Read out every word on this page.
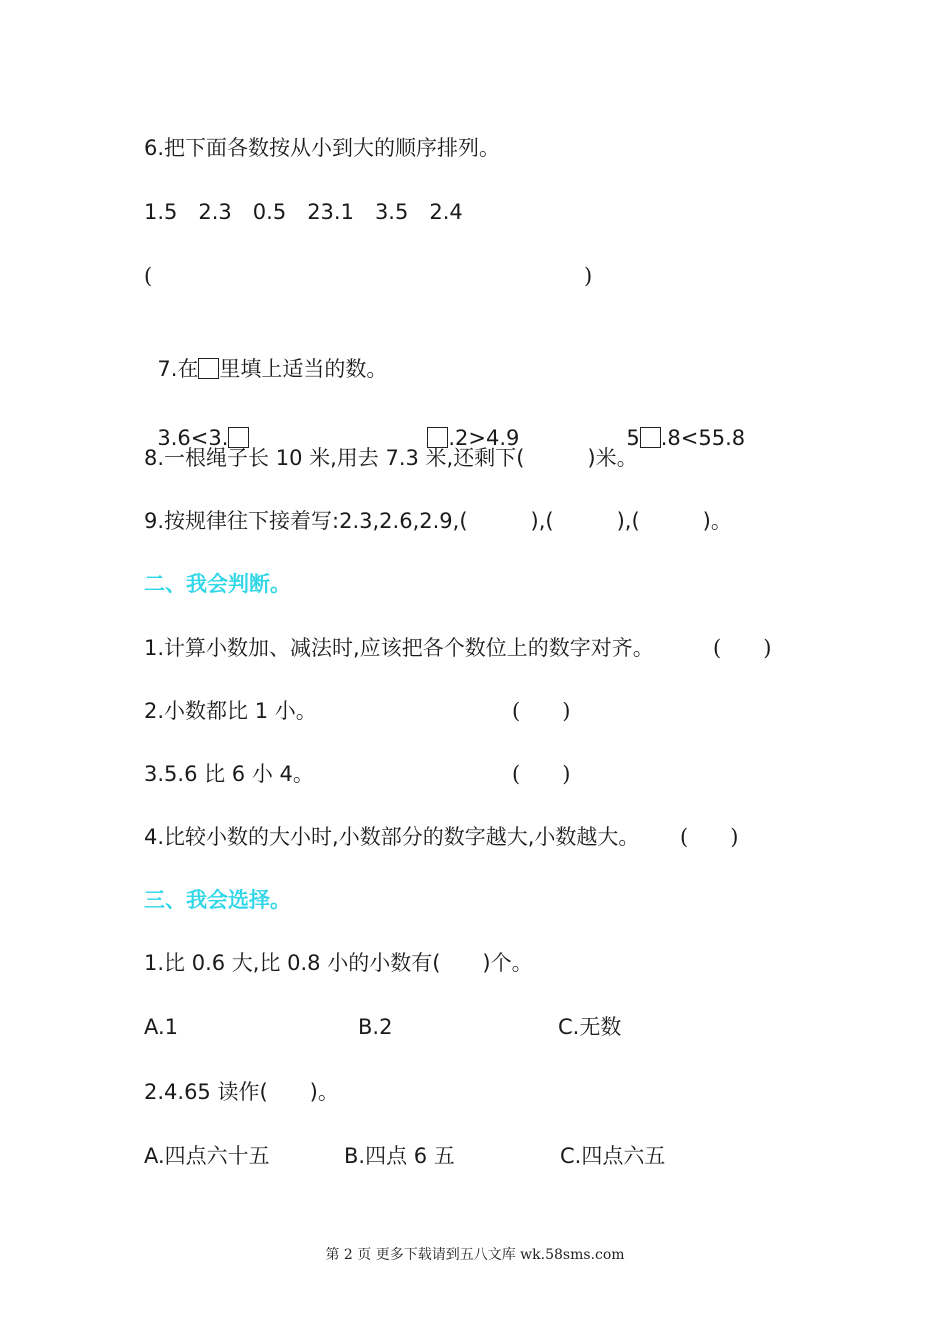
6.把下面各数按从小到大的顺序排列。
1.5　2.3　0.5　23.1　3.5　2.4
(	)

7.在 里填上适当的数。

3.6<3.	.2>4.9	5 .8<55.8

8.一根绳子长 10 米,用去 7.3 米,还剩下(　　　)米。
9.按规律往下接着写:2.3,2.6,2.9,(　　　),(　　　),(　　　)。
二、我会判断。
1.计算小数加、减法时,应该把各个数位上的数字对齐。	(　　)
2.小数都比 1 小。	(　　)
3.5.6 比 6 小 4。	(　　)
4.比较小数的大小时,小数部分的数字越大,小数越大。 (　　)
三、我会选择。
1.比 0.6 大,比 0.8 小的小数有(　　)个。
A.1	B.2	C.无数
2.4.65 读作(　　)。
A.四点六十五	B.四点 6 五	C.四点六五
第 2 页 更多下载请到五八文库 wk.58sms.com
